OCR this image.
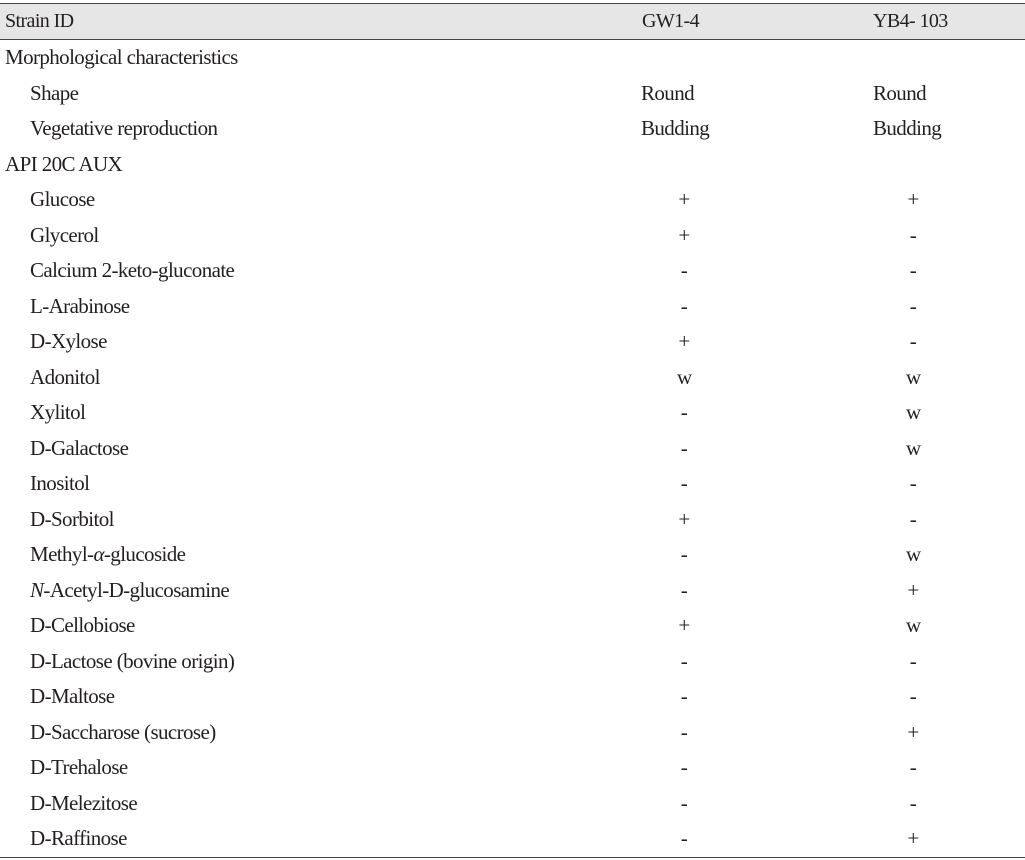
Strain ID	GW1-4	YB4- 103
Morphological characteristics		
Shape	Round	Round
Vegetative reproduction	Budding	Budding
API 20C AUX		
Glucose	+	+
Glycerol	+	-
Calcium 2-keto-gluconate	-	-
L-Arabinose	-	-
D-Xylose	+	-
Adonitol	w	w
Xylitol	-	w
D-Galactose	-	w
Inositol	-	-
D-Sorbitol	+	-
Methyl-α-glucoside	-	w
N-Acetyl-D-glucosamine	-	+
D-Cellobiose	+	w
D-Lactose (bovine origin)	-	-
D-Maltose	-	-
D-Saccharose (sucrose)	-	+
D-Trehalose	-	-
D-Melezitose	-	-
D-Raffinose	-	+
